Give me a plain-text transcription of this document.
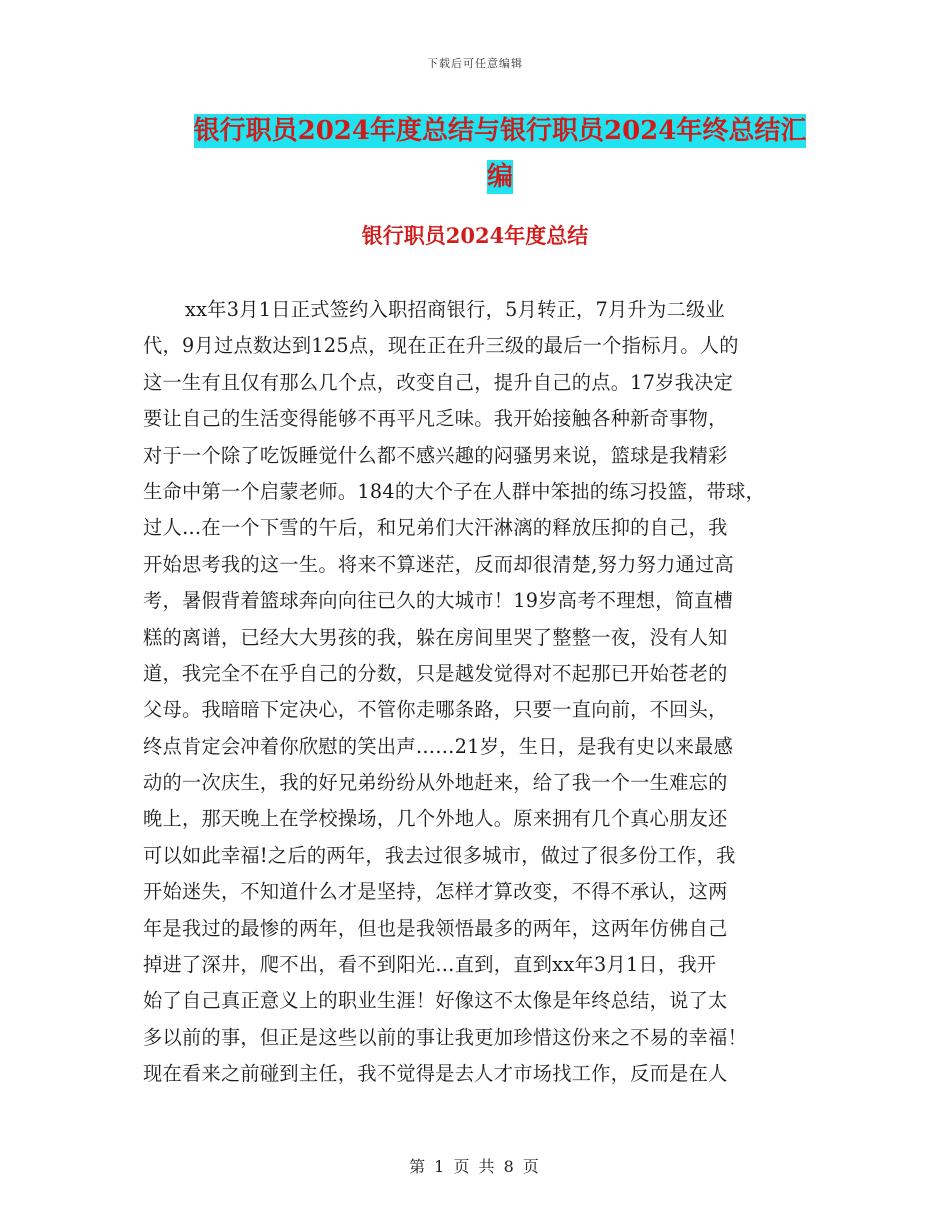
下载后可任意编辑
银行职员2024年度总结与银行职员2024年终总结汇
编
银行职员2024年度总结
xx年3月1日正式签约入职招商银行，5月转正，7月升为二级业
代，9月过点数达到125点，现在正在升三级的最后一个指标月。人的
这一生有且仅有那么几个点，改变自己，提升自己的点。17岁我决定
要让自己的生活变得能够不再平凡乏味。我开始接触各种新奇事物，
对于一个除了吃饭睡觉什么都不感兴趣的闷骚男来说，篮球是我精彩
生命中第一个启蒙老师。184的大个子在人群中笨拙的练习投篮，带球，
过人…在一个下雪的午后，和兄弟们大汗淋漓的释放压抑的自己，我
开始思考我的这一生。将来不算迷茫，反而却很清楚,努力努力通过高
考，暑假背着篮球奔向向往已久的大城市！19岁高考不理想，简直槽
糕的离谱，已经大大男孩的我，躲在房间里哭了整整一夜，没有人知
道，我完全不在乎自己的分数，只是越发觉得对不起那已开始苍老的
父母。我暗暗下定决心，不管你走哪条路，只要一直向前，不回头，
终点肯定会冲着你欣慰的笑出声……21岁，生日，是我有史以来最感
动的一次庆生，我的好兄弟纷纷从外地赶来，给了我一个一生难忘的
晚上，那天晚上在学校操场，几个外地人。原来拥有几个真心朋友还
可以如此幸福!之后的两年，我去过很多城市，做过了很多份工作，我
开始迷失，不知道什么才是坚持，怎样才算改变，不得不承认，这两
年是我过的最惨的两年，但也是我领悟最多的两年，这两年仿佛自己
掉进了深井，爬不出，看不到阳光…直到，直到xx年3月1日，我开
始了自己真正意义上的职业生涯！好像这不太像是年终总结，说了太
多以前的事，但正是这些以前的事让我更加珍惜这份来之不易的幸福！
现在看来之前碰到主任，我不觉得是去人才市场找工作，反而是在人
第 1 页 共 8 页
